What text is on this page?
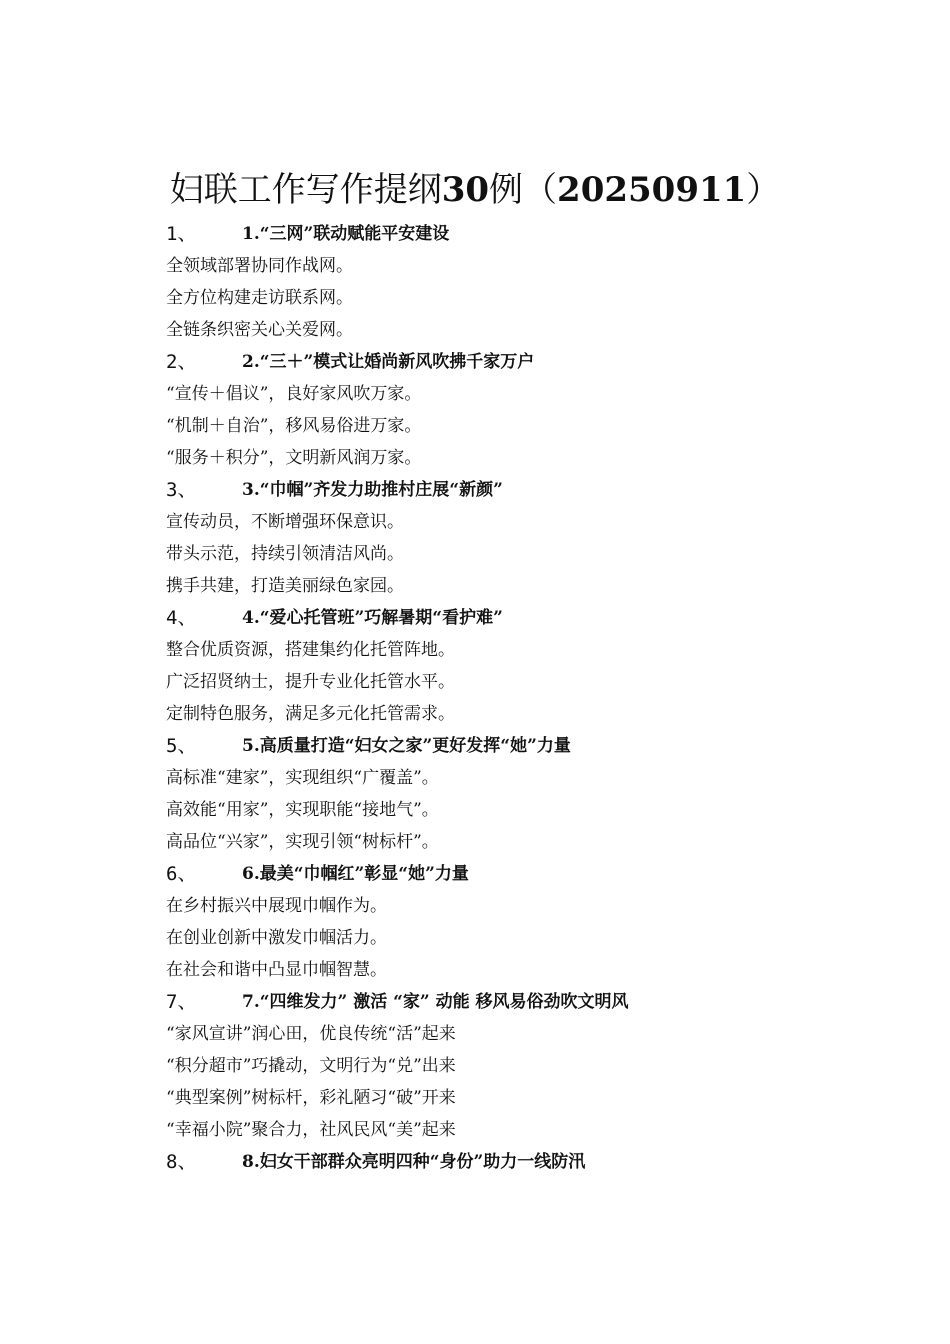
妇联工作写作提纲30例（20250911）
1、	1.“三网”联动赋能平安建设
全领域部署协同作战网。
全方位构建走访联系网。
全链条织密关心关爱网。
2、	2.“三＋”模式让婚尚新风吹拂千家万户
“宣传＋倡议”，良好家风吹万家。
“机制＋自治”，移风易俗进万家。
“服务＋积分”，文明新风润万家。
3、	3.“巾帼”齐发力助推村庄展“新颜”
宣传动员，不断增强环保意识。
带头示范，持续引领清洁风尚。
携手共建，打造美丽绿色家园。
4、	4.“爱心托管班”巧解暑期“看护难”
整合优质资源，搭建集约化托管阵地。
广泛招贤纳士，提升专业化托管水平。
定制特色服务，满足多元化托管需求。
5、	5.高质量打造“妇女之家”更好发挥“她”力量
高标准“建家”，实现组织“广覆盖”。
高效能“用家”，实现职能“接地气”。
高品位“兴家”，实现引领“树标杆”。
6、	6.最美“巾帼红”彰显“她”力量
在乡村振兴中展现巾帼作为。
在创业创新中激发巾帼活力。
在社会和谐中凸显巾帼智慧。
7、	7.“四维发力” 激活 “家” 动能 移风易俗劲吹文明风
“家风宣讲”润心田，优良传统“活”起来
“积分超市”巧撬动，文明行为“兑”出来
“典型案例”树标杆，彩礼陋习“破”开来
“幸福小院”聚合力，社风民风“美”起来
8、	8.妇女干部群众亮明四种“身份”助力一线防汛
